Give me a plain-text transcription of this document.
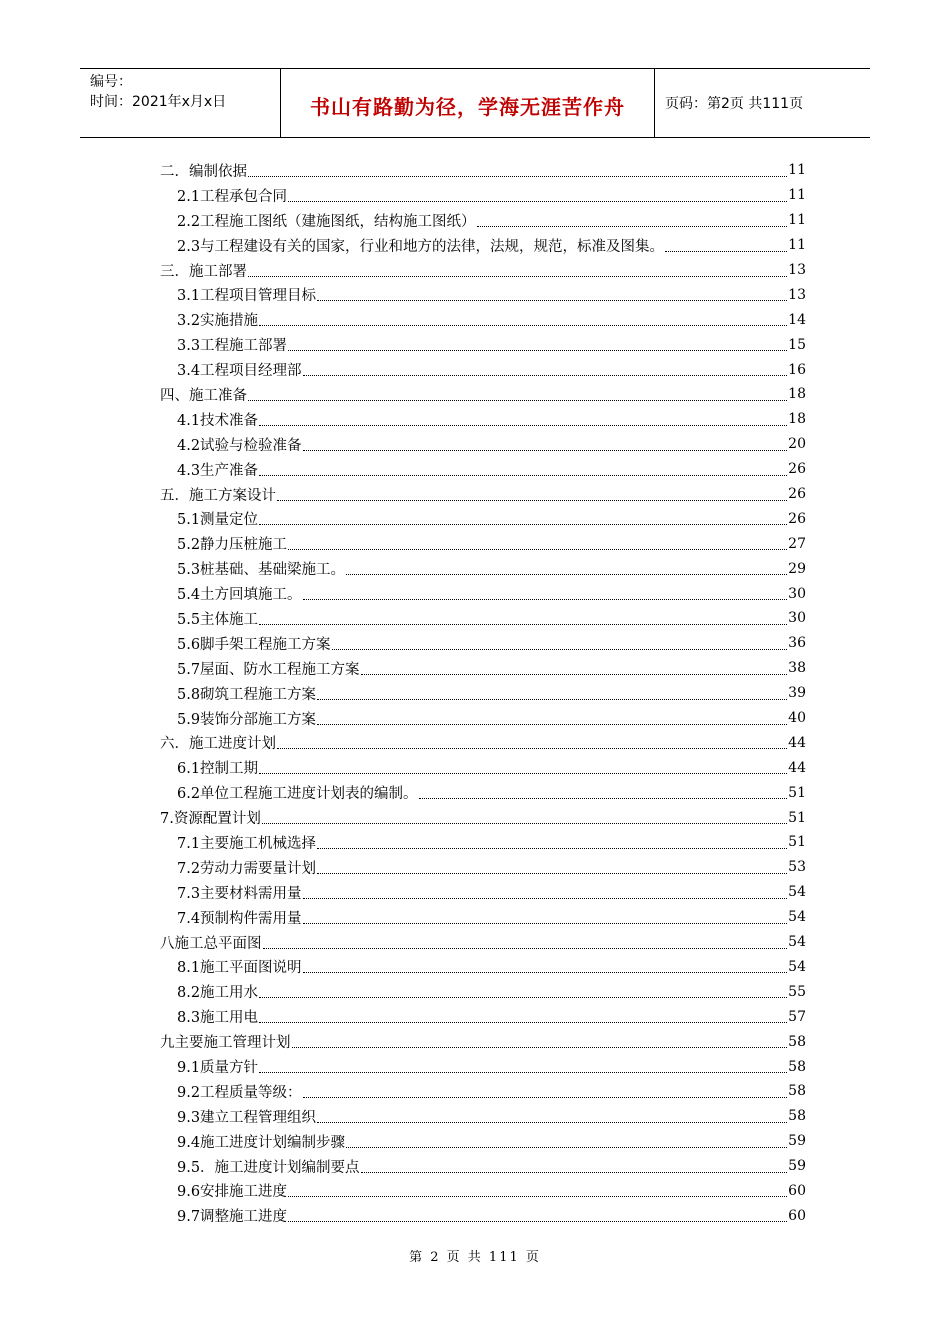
编号：
时间：2021年x月x日	书山有路勤为径，学海无涯苦作舟	页码：第2页 共111页
二．编制依据	11
2.1工程承包合同	11
2.2工程施工图纸（建施图纸，结构施工图纸）	11
2.3与工程建设有关的国家，行业和地方的法律，法规，规范，标准及图集。	11
三．施工部署	13
3.1工程项目管理目标	13
3.2实施措施	14
3.3工程施工部署	15
3.4工程项目经理部	16
四、施工准备	18
4.1技术准备	18
4.2试验与检验准备	20
4.3生产准备	26
五．施工方案设计	26
5.1测量定位	26
5.2静力压桩施工	27
5.3桩基础、基础梁施工。	29
5.4土方回填施工。	30
5.5主体施工	30
5.6脚手架工程施工方案	36
5.7屋面、防水工程施工方案	38
5.8砌筑工程施工方案	39
5.9装饰分部施工方案	40
六．施工进度计划	44
6.1控制工期	44
6.2单位工程施工进度计划表的编制。	51
7.资源配置计划	51
7.1主要施工机械选择	51
7.2劳动力需要量计划	53
7.3主要材料需用量	54
7.4预制构件需用量	54
八施工总平面图	54
8.1施工平面图说明	54
8.2施工用水	55
8.3施工用电	57
九主要施工管理计划	58
9.1质量方针	58
9.2工程质量等级：	58
9.3建立工程管理组织	58
9.4施工进度计划编制步骤	59
9.5．施工进度计划编制要点	59
9.6安排施工进度	60
9.7调整施工进度	60
第 2 页 共 111 页
